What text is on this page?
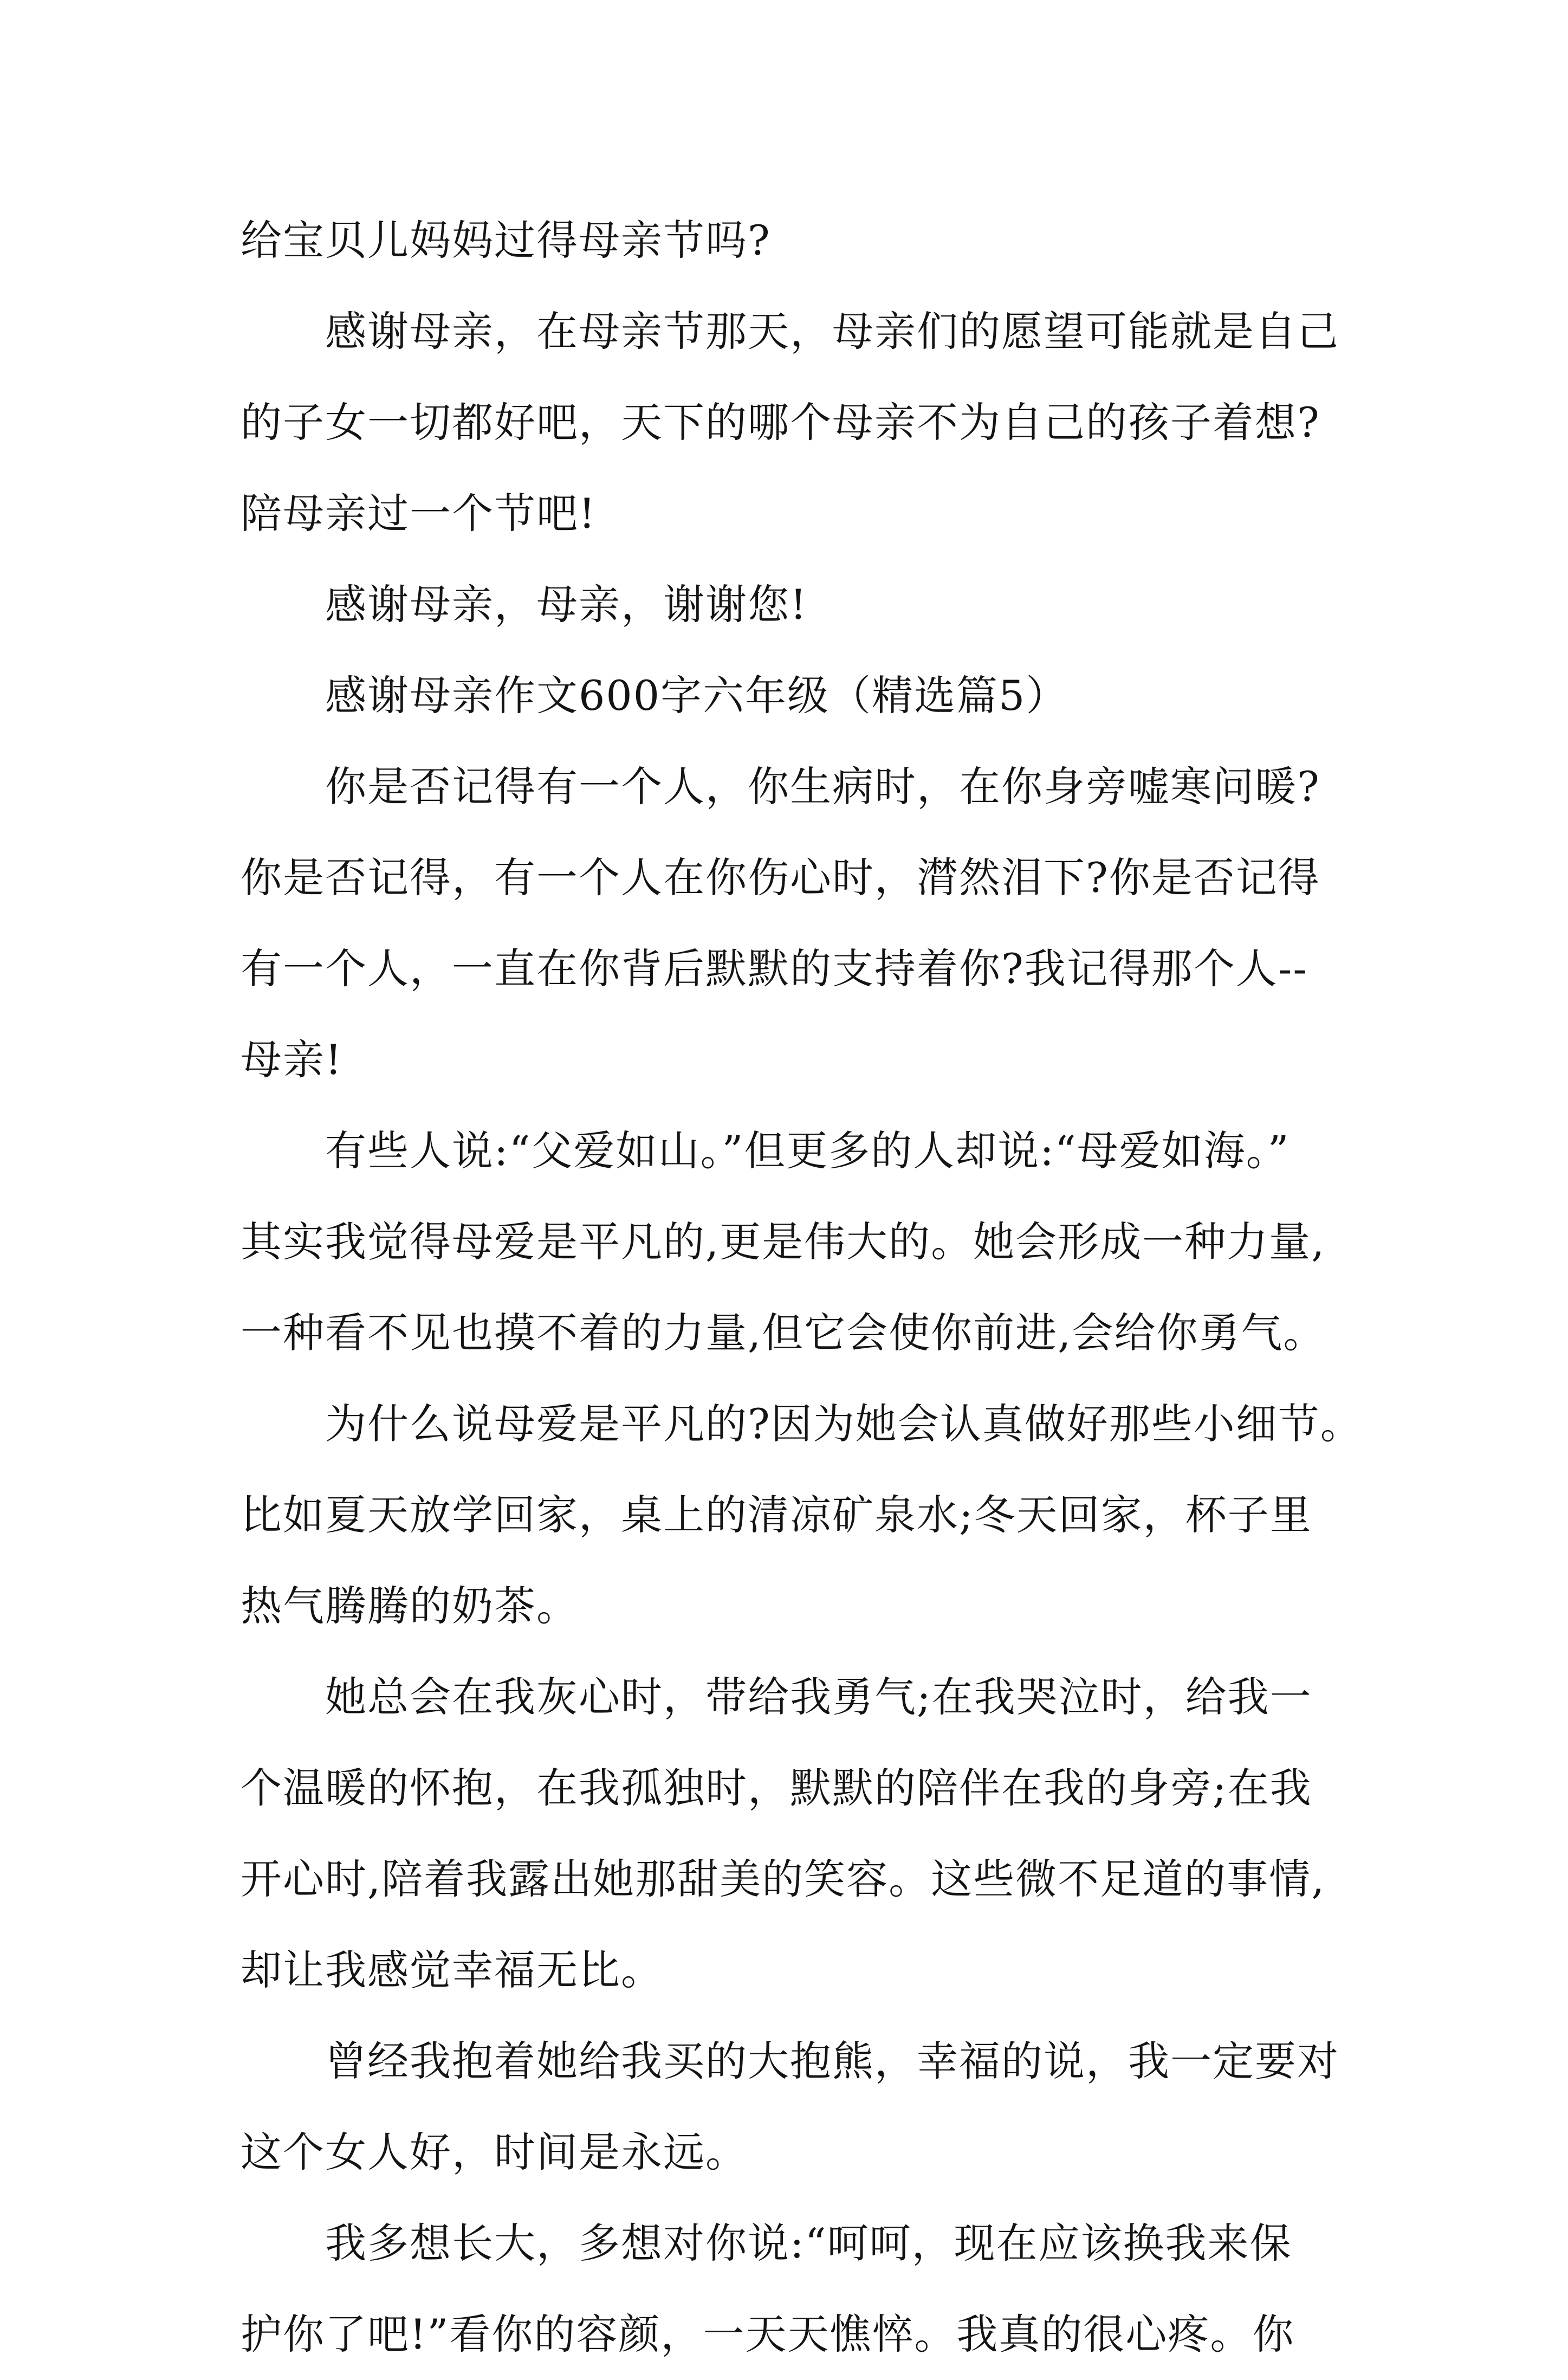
给宝贝儿妈妈过得母亲节吗?
感谢母亲，在母亲节那天，母亲们的愿望可能就是自己
的子女一切都好吧，天下的哪个母亲不为自己的孩子着想?
陪母亲过一个节吧!
感谢母亲，母亲，谢谢您!
感谢母亲作文600字六年级（精选篇5）
你是否记得有一个人，你生病时，在你身旁嘘寒问暖?
你是否记得，有一个人在你伤心时，潸然泪下?你是否记得
有一个人，一直在你背后默默的支持着你?我记得那个人--
母亲!
有些人说:“父爱如山。”但更多的人却说:“母爱如海。”
其实我觉得母爱是平凡的,更是伟大的。她会形成一种力量,
一种看不见也摸不着的力量,但它会使你前进,会给你勇气。
为什么说母爱是平凡的?因为她会认真做好那些小细节。
比如夏天放学回家，桌上的清凉矿泉水;冬天回家，杯子里
热气腾腾的奶茶。
她总会在我灰心时，带给我勇气;在我哭泣时，给我一
个温暖的怀抱，在我孤独时，默默的陪伴在我的身旁;在我
开心时,陪着我露出她那甜美的笑容。这些微不足道的事情,
却让我感觉幸福无比。
曾经我抱着她给我买的大抱熊，幸福的说，我一定要对
这个女人好，时间是永远。
我多想长大，多想对你说:“呵呵，现在应该换我来保
护你了吧!”看你的容颜，一天天憔悴。我真的很心疼。你
